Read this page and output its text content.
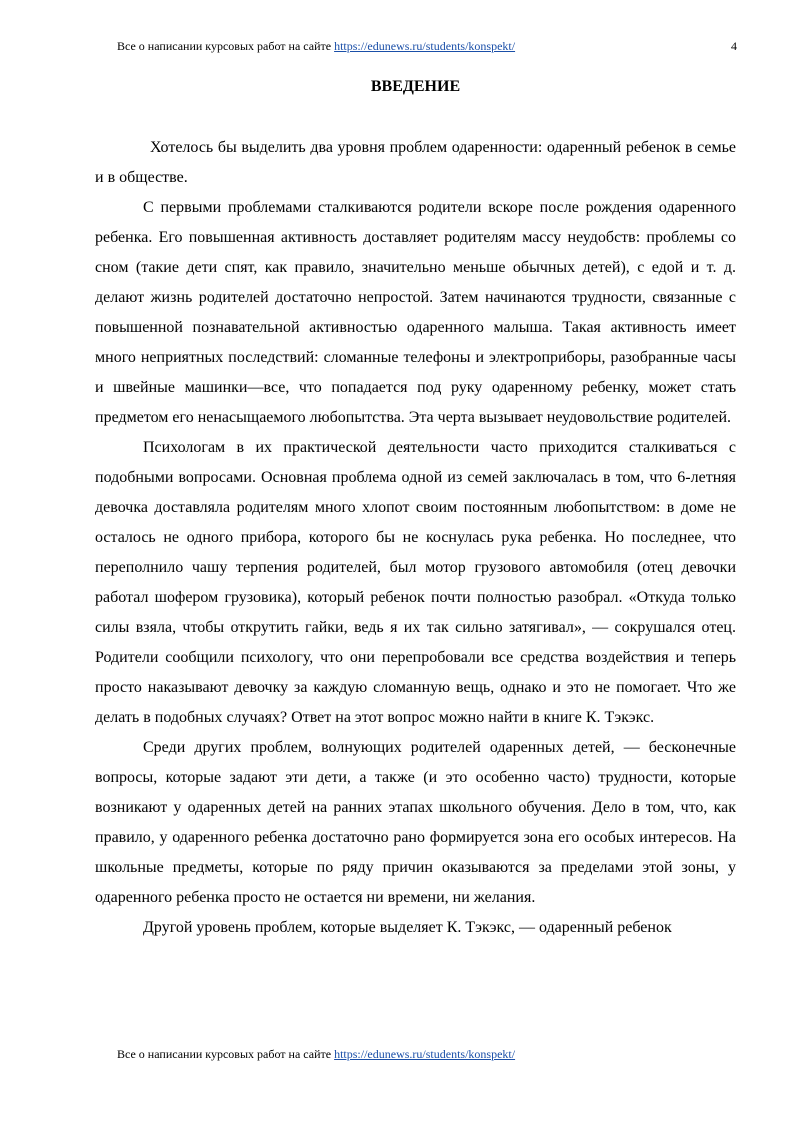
Все о написании курсовых работ на сайте https://edunews.ru/students/konspekt/	4
ВВЕДЕНИЕ

Хотелось бы выделить два уровня проблем одаренности: одаренный ребенок в семье и в обществе.

С первыми проблемами сталкиваются родители вскоре после рождения одаренного ребенка. Его повышенная активность доставляет родителям массу неудобств: проблемы со сном (такие дети спят, как правило, значительно меньше обычных детей), с едой и т. д. делают жизнь родителей достаточно непростой. Затем начинаются трудности, связанные с повышенной познавательной активностью одаренного малыша. Такая активность имеет много неприятных последствий: сломанные телефоны и электроприборы, разобранные часы и швейные машинки—все, что попадается под руку одаренному ребенку, может стать предметом его ненасыщаемого любопытства. Эта черта вызывает неудовольствие родителей.

Психологам в их практической деятельности часто приходится сталкиваться с подобными вопросами. Основная проблема одной из семей заключалась в том, что 6-летняя девочка доставляла родителям много хлопот своим постоянным любопытством: в доме не осталось не одного прибора, которого бы не коснулась рука ребенка. Но последнее, что переполнило чашу терпения родителей, был мотор грузового автомобиля (отец девочки работал шофером грузовика), который ребенок почти полностью разобрал. «Откуда только силы взяла, чтобы открутить гайки, ведь я их так сильно затягивал», — сокрушался отец. Родители сообщили психологу, что они перепробовали все средства воздействия и теперь просто наказывают девочку за каждую сломанную вещь, однако и это не помогает. Что же делать в подобных случаях? Ответ на этот вопрос можно найти в книге К. Тэкэкс.

Среди других проблем, волнующих родителей одаренных детей, — бесконечные вопросы, которые задают эти дети, а также (и это особенно часто) трудности, которые возникают у одаренных детей на ранних этапах школьного обучения. Дело в том, что, как правило, у одаренного ребенка достаточно рано формируется зона его особых интересов. На школьные предметы, которые по ряду причин оказываются за пределами этой зоны, у одаренного ребенка просто не остается ни времени, ни желания.

Другой уровень проблем, которые выделяет К. Тэкэкс, — одаренный ребенок

Все о написании курсовых работ на сайте https://edunews.ru/students/konspekt/
